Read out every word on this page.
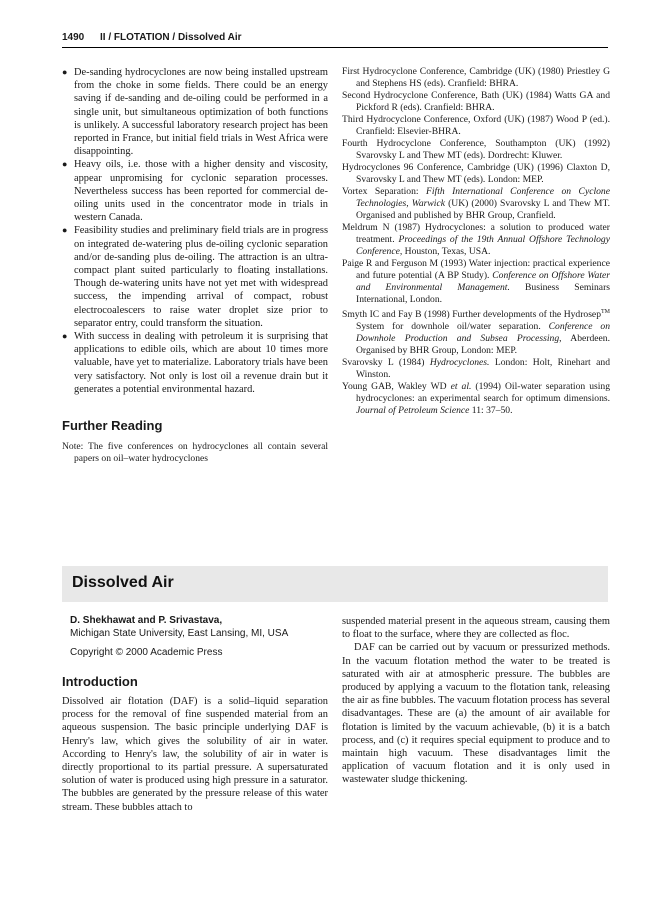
1490 II / FLOTATION / Dissolved Air
● De-sanding hydrocyclones are now being installed upstream from the choke in some fields. There could be an energy saving if de-sanding and de-oiling could be performed in a single unit, but simultaneous optimization of both functions is unlikely. A successful laboratory research project has been reported in France, but initial field trials in West Africa were disappointing.
● Heavy oils, i.e. those with a higher density and viscosity, appear unpromising for cyclonic separation processes. Nevertheless success has been reported for commercial de-oiling units used in the concentrator mode in trials in western Canada.
● Feasibility studies and preliminary field trials are in progress on integrated de-watering plus de-oiling cyclonic separation and/or de-sanding plus de-oiling. The attraction is an ultra-compact plant suited particularly to floating installations. Though de-watering units have not yet met with widespread success, the impending arrival of compact, robust electrocoalescers to raise water droplet size prior to separator entry, could transform the situation.
● With success in dealing with petroleum it is surprising that applications to edible oils, which are about 10 times more valuable, have yet to materialize. Laboratory trials have been very satisfactory. Not only is lost oil a revenue drain but it generates a potential environmental hazard.
Further Reading
Note: The five conferences on hydrocyclones all contain several papers on oil–water hydrocyclones
First Hydrocyclone Conference, Cambridge (UK) (1980) Priestley G and Stephens HS (eds). Cranfield: BHRA.
Second Hydrocyclone Conference, Bath (UK) (1984) Watts GA and Pickford R (eds). Cranfield: BHRA.
Third Hydrocyclone Conference, Oxford (UK) (1987) Wood P (ed.). Cranfield: Elsevier-BHRA.
Fourth Hydrocyclone Conference, Southampton (UK) (1992) Svarovsky L and Thew MT (eds). Dordrecht: Kluwer.
Hydrocyclones 96 Conference, Cambridge (UK) (1996) Claxton D, Svarovsky L and Thew MT (eds). London: MEP.
Vortex Separation: Fifth International Conference on Cyclone Technologies, Warwick (UK) (2000) Svarovsky L and Thew MT. Organised and published by BHR Group, Cranfield.
Meldrum N (1987) Hydrocyclones: a solution to produced water treatment. Proceedings of the 19th Annual Offshore Technology Conference, Houston, Texas, USA.
Paige R and Ferguson M (1993) Water injection: practical experience and future potential (A BP Study). Conference on Offshore Water and Environmental Management. Business Seminars International, London.
Smyth IC and Fay B (1998) Further developments of the Hydrosep™ System for downhole oil/water separation. Conference on Downhole Production and Subsea Processing, Aberdeen. Organised by BHR Group, London: MEP.
Svarovsky L (1984) Hydrocyclones. London: Holt, Rinehart and Winston.
Young GAB, Wakley WD et al. (1994) Oil-water separation using hydrocyclones: an experimental search for optimum dimensions. Journal of Petroleum Science 11: 37–50.
Dissolved Air
D. Shekhawat and P. Srivastava,
Michigan State University, East Lansing, MI, USA
Copyright © 2000 Academic Press
Introduction

Dissolved air flotation (DAF) is a solid–liquid separation process for the removal of fine suspended material from an aqueous suspension. The basic principle underlying DAF is Henry's law, which gives the solubility of air in water. According to Henry's law, the solubility of air in water is directly proportional to its partial pressure. A supersaturated solution of water is produced using high pressure in a saturator. The bubbles are generated by the pressure release of this water stream. These bubbles attach to

suspended material present in the aqueous stream, causing them to float to the surface, where they are collected as floc.

DAF can be carried out by vacuum or pressurized methods. In the vacuum flotation method the water to be treated is saturated with air at atmospheric pressure. The bubbles are produced by applying a vacuum to the flotation tank, releasing the air as fine bubbles. The vacuum flotation process has several disadvantages. These are (a) the amount of air available for flotation is limited by the vacuum achievable, (b) it is a batch process, and (c) it requires special equipment to produce and to maintain high vacuum. These disadvantages limit the application of vacuum flotation and it is only used in wastewater sludge thickening.
